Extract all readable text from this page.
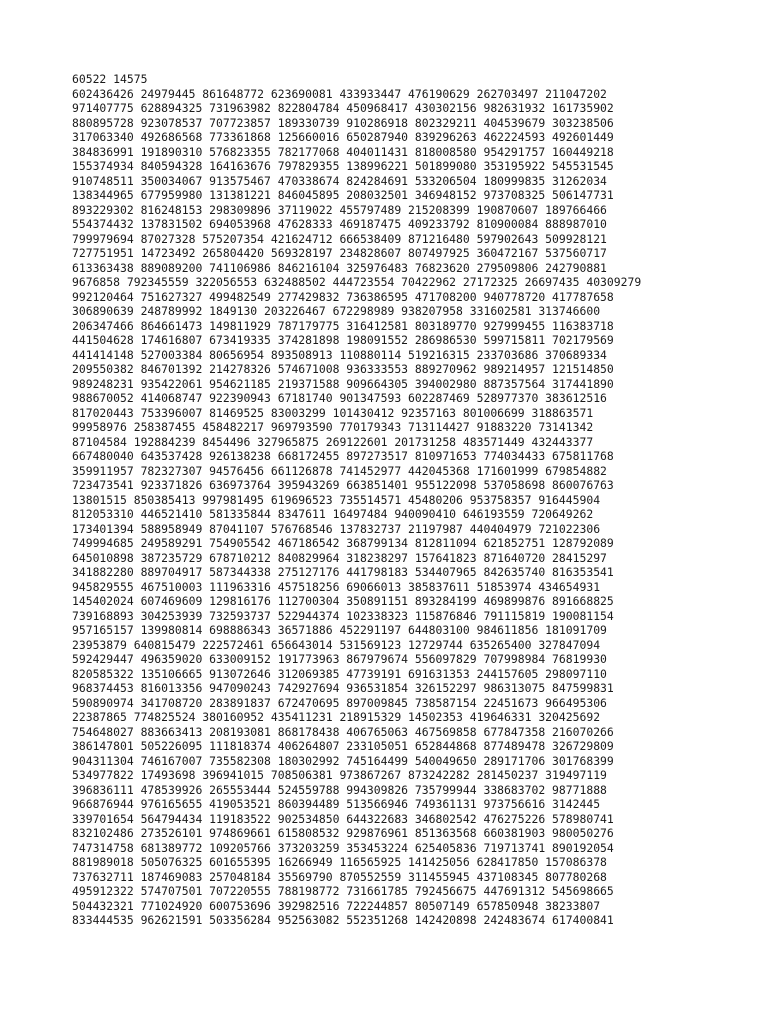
60522 14575
602436426 24979445 861648772 623690081 433933447 476190629 262703497 211047202
971407775 628894325 731963982 822804784 450968417 430302156 982631932 161735902
880895728 923078537 707723857 189330739 910286918 802329211 404539679 303238506
317063340 492686568 773361868 125660016 650287940 839296263 462224593 492601449
384836991 191890310 576823355 782177068 404011431 818008580 954291757 160449218
155374934 840594328 164163676 797829355 138996221 501899080 353195922 545531545
910748511 350034067 913575467 470338674 824284691 533206504 180999835 31262034
138344965 677959980 131381221 846045895 208032501 346948152 973708325 506147731
893229302 816248153 298309896 37119022 455797489 215208399 190870607 189766466
554374432 137831502 694053968 47628333 469187475 409233792 810900084 888987010
799979694 87027328 575207354 421624712 666538409 871216480 597902643 509928121
727751951 14723492 265804420 569328197 234828607 807497925 360472167 537560717
613363438 889089200 741106986 846216104 325976483 76823620 279509806 242790881
9676858 792345559 322056553 632488502 444723554 70422962 27172325 26697435 40309279
992120464 751627327 499482549 277429832 736386595 471708200 940778720 417787658
306890639 248789992 1849130 203226467 672298989 938207958 331602581 313746600
206347466 864661473 149811929 787179775 316412581 803189770 927999455 116383718
441504628 174616807 673419335 374281898 198091552 286986530 599715811 702179569
441414148 527003384 80656954 893508913 110880114 519216315 233703686 370689334
209550382 846701392 214278326 574671008 936333553 889270962 989214957 121514850
989248231 935422061 954621185 219371588 909664305 394002980 887357564 317441890
988670052 414068747 922390943 67181740 901347593 602287469 528977370 383612516
817020443 753396007 81469525 83003299 101430412 92357163 801006699 318863571
99958976 258387455 458482217 969793590 770179343 713114427 91883220 73141342
87104584 192884239 8454496 327965875 269122601 201731258 483571449 432443377
667480040 643537428 926138238 668172455 897273517 810971653 774034433 675811768
359911957 782327307 94576456 661126878 741452977 442045368 171601999 679854882
723473541 923371826 636973764 395943269 663851401 955122098 537058698 860076763
13801515 850385413 997981495 619696523 735514571 45480206 953758357 916445904
812053310 446521410 581335844 8347611 16497484 940090410 646193559 720649262
173401394 588958949 87041107 576768546 137832737 21197987 440404979 721022306
749994685 249589291 754905542 467186542 368799134 812811094 621852751 128792089
645010898 387235729 678710212 840829964 318238297 157641823 871640720 28415297
341882280 889704917 587344338 275127176 441798183 534407965 842635740 816353541
945829555 467510003 111963316 457518256 69066013 385837611 51853974 434654931
145402024 607469609 129816176 112700304 350891151 893284199 469899876 891668825
739168893 304253939 732593737 522944374 102338323 115876846 791115819 190081154
957165157 139980814 698886343 36571886 452291197 644803100 984611856 181091709
23953879 640815479 222572461 656643014 531569123 12729744 635265400 327847094
592429447 496359020 633009152 191773963 867979674 556097829 707998984 76819930
820585322 135106665 913072646 312069385 47739191 691631353 244157605 298097110
968374453 816013356 947090243 742927694 936531854 326152297 986313075 847599831
590890974 341708720 283891837 672470695 897009845 738587154 22451673 966495306
22387865 774825524 380160952 435411231 218915329 14502353 419646331 320425692
754648027 883663413 208193081 868178438 406765063 467569858 677847358 216070266
386147801 505226095 111818374 406264807 233105051 652844868 877489478 326729809
904311304 746167007 735582308 180302992 745164499 540049650 289171706 301768399
534977822 17493698 396941015 708506381 973867267 873242282 281450237 319497119
396836111 478539926 265553444 524559788 994309826 735799944 338683702 98771888
966876944 976165655 419053521 860394489 513566946 749361131 973756616 3142445
339701654 564794434 119183522 902534850 644322683 346802542 476275226 578980741
832102486 273526101 974869661 615808532 929876961 851363568 660381903 980050276
747314758 681389772 109205766 373203259 353453224 625405836 719713741 890192054
881989018 505076325 601655395 16266949 116565925 141425056 628417850 157086378
737632711 187469083 257048184 35569790 870552559 311455945 437108345 807780268
495912322 574707501 707220555 788198772 731661785 792456675 447691312 545698665
504432321 771024920 600753696 392982516 722244857 80507149 657850948 38233807
833444535 962621591 503356284 952563082 552351268 142420898 242483674 617400841
